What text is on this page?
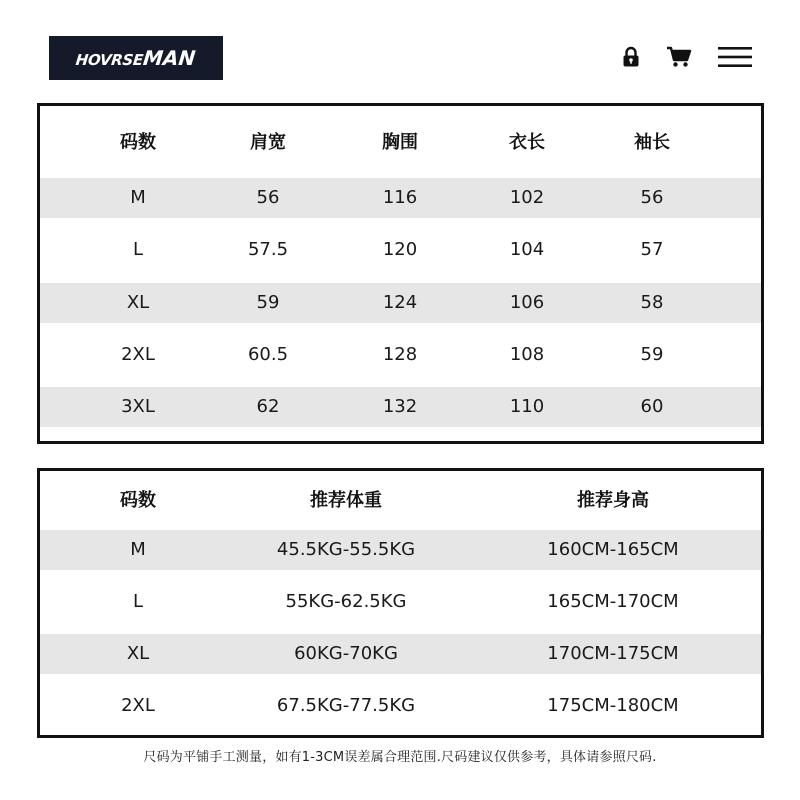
HOVRSEMAN
码数	肩宽	胸围	衣长	袖长
M	56	116	102	56
L	57.5	120	104	57
XL	59	124	106	58
2XL	60.5	128	108	59
3XL	62	132	110	60
码数	推荐体重	推荐身高
M	45.5KG-55.5KG	160CM-165CM
L	55KG-62.5KG	165CM-170CM
XL	60KG-70KG	170CM-175CM
2XL	67.5KG-77.5KG	175CM-180CM
尺码为平铺手工测量，如有1-3CM误差属合理范围.尺码建议仅供参考，具体请参照尺码.
